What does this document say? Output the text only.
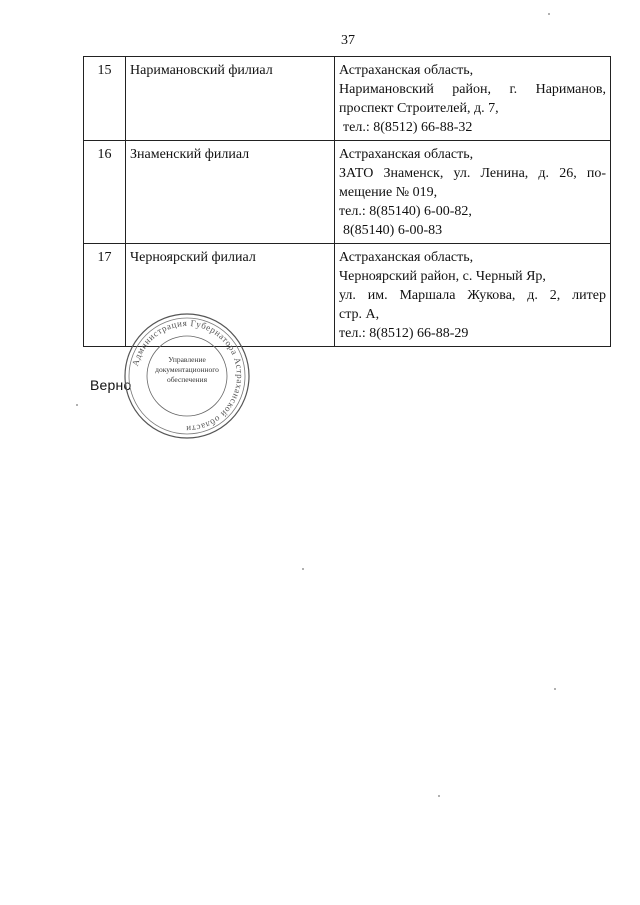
37
15	Наримановский филиал	Астраханская область,
Наримановский район, г. Нариманов,
проспект Строителей, д. 7,
тел.: 8(8512) 66-88-32

16	Знаменский филиал	Астраханская область,
ЗАТО Знаменск, ул. Ленина, д. 26, по-
мещение № 019,
тел.: 8(85140) 6-00-82,
8(85140) 6-00-83

17	Черноярский филиал	Астраханская область,
Черноярский район, с. Черный Яр,
ул. им. Маршала Жукова, д. 2, литер
стр. А,
тел.: 8(8512) 66-88-29
Верно
Администрация Губернатора Астраханской области
Управление
документационного
обеспечения
